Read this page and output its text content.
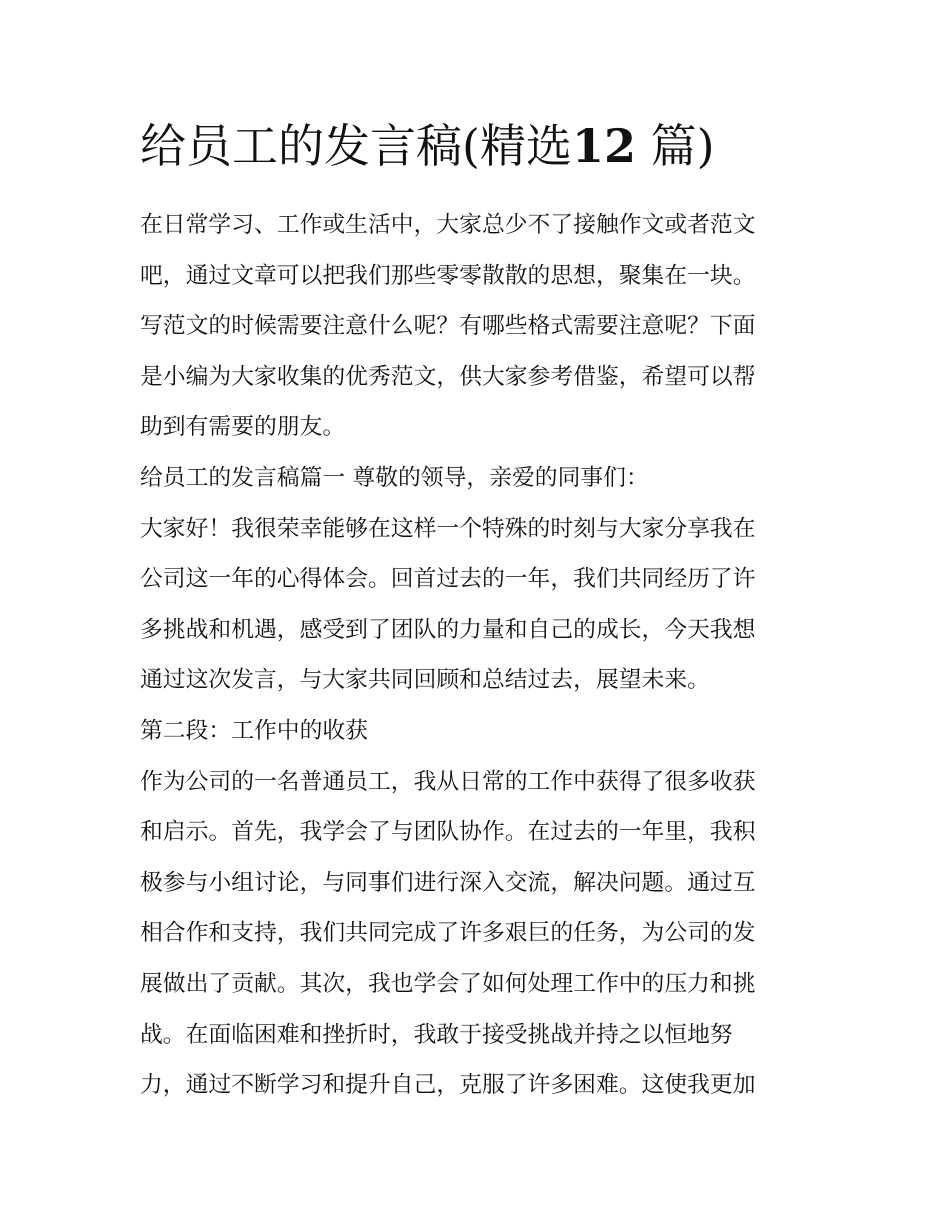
给员工的发言稿(精选12 篇)
在日常学习、工作或生活中，大家总少不了接触作文或者范文
吧，通过文章可以把我们那些零零散散的思想，聚集在一块。
写范文的时候需要注意什么呢？有哪些格式需要注意呢？下面
是小编为大家收集的优秀范文，供大家参考借鉴，希望可以帮
助到有需要的朋友。
给员工的发言稿篇一 尊敬的领导，亲爱的同事们：
大家好！我很荣幸能够在这样一个特殊的时刻与大家分享我在
公司这一年的心得体会。回首过去的一年，我们共同经历了许
多挑战和机遇，感受到了团队的力量和自己的成长，今天我想
通过这次发言，与大家共同回顾和总结过去，展望未来。
第二段：工作中的收获
作为公司的一名普通员工，我从日常的工作中获得了很多收获
和启示。首先，我学会了与团队协作。在过去的一年里，我积
极参与小组讨论，与同事们进行深入交流，解决问题。通过互
相合作和支持，我们共同完成了许多艰巨的任务，为公司的发
展做出了贡献。其次，我也学会了如何处理工作中的压力和挑
战。在面临困难和挫折时，我敢于接受挑战并持之以恒地努
力，通过不断学习和提升自己，克服了许多困难。这使我更加
